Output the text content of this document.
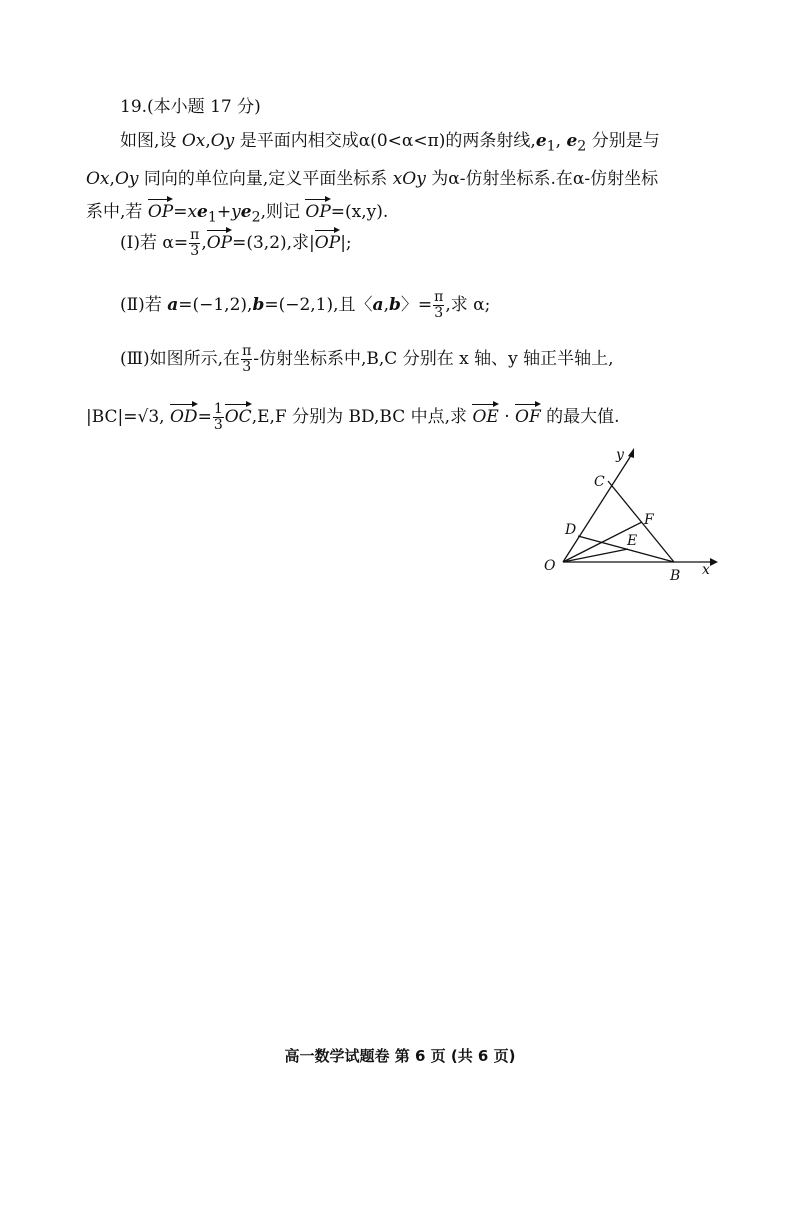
19.(本小题 17 分)
如图,设 Ox,Oy 是平面内相交成α(0<α<π)的两条射线$,e_1$, $e_2$ 分别是与
Ox,Oy 同向的单位向量,定义平面坐标系 xOy 为α-仿射坐标系.在α-仿射坐标
系中,若 $OP=xe_1+ye_2$,则记 OP=(x,y).
(Ⅰ)若 $\alpha= \frac{\pi}{3} ,OP=(3,2)$,求|OP|;
(Ⅱ)若 a=(−1,2),b=(−2,1),且〈a,b〉= $\frac{\pi}{3}$ ,求 α;
(Ⅲ)如图所示,在 $\frac{\pi}{3}$ -仿射坐标系中,B,C 分别在 x 轴、y 轴正半轴上,
|BC|=√3, $OD= \frac{1}{3} OC,E,F$ 分别为 BD,BC 中点,求 OE · OF 的最大值.
O
B
C
D
E
F
x
y
高一数学试题卷 第 6 页 (共 6 页)
